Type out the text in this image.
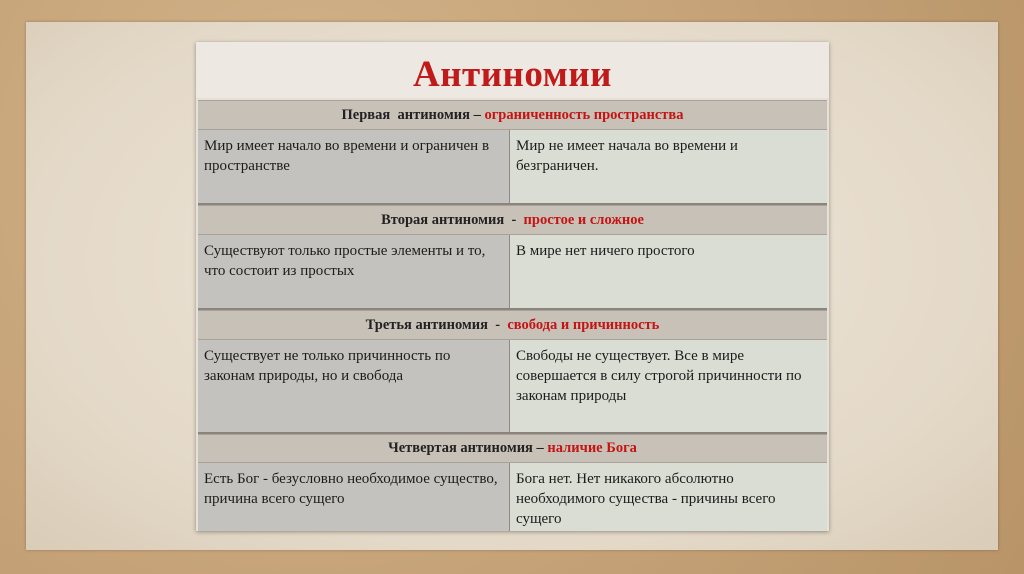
Антиномии
Первая  антиномия – ограниченность пространства
Мир имеет начало во времени и ограничен в пространстве
Мир не имеет начала во времени и безграничен.
Вторая антиномия  - простое и сложное
Существуют только простые элементы и то, что состоит из простых
В мире нет ничего простого
Третья антиномия  - свобода и причинность
Существует не только причинность по законам природы, но и свобода
Свободы не существует. Все в мире совершается в силу строгой причинности по законам природы
Четвертая антиномия – наличие Бога
Есть Бог - безусловно необходимое существо, причина всего сущего
Бога нет. Нет никакого абсолютно необходимого существа - причины всего сущего
